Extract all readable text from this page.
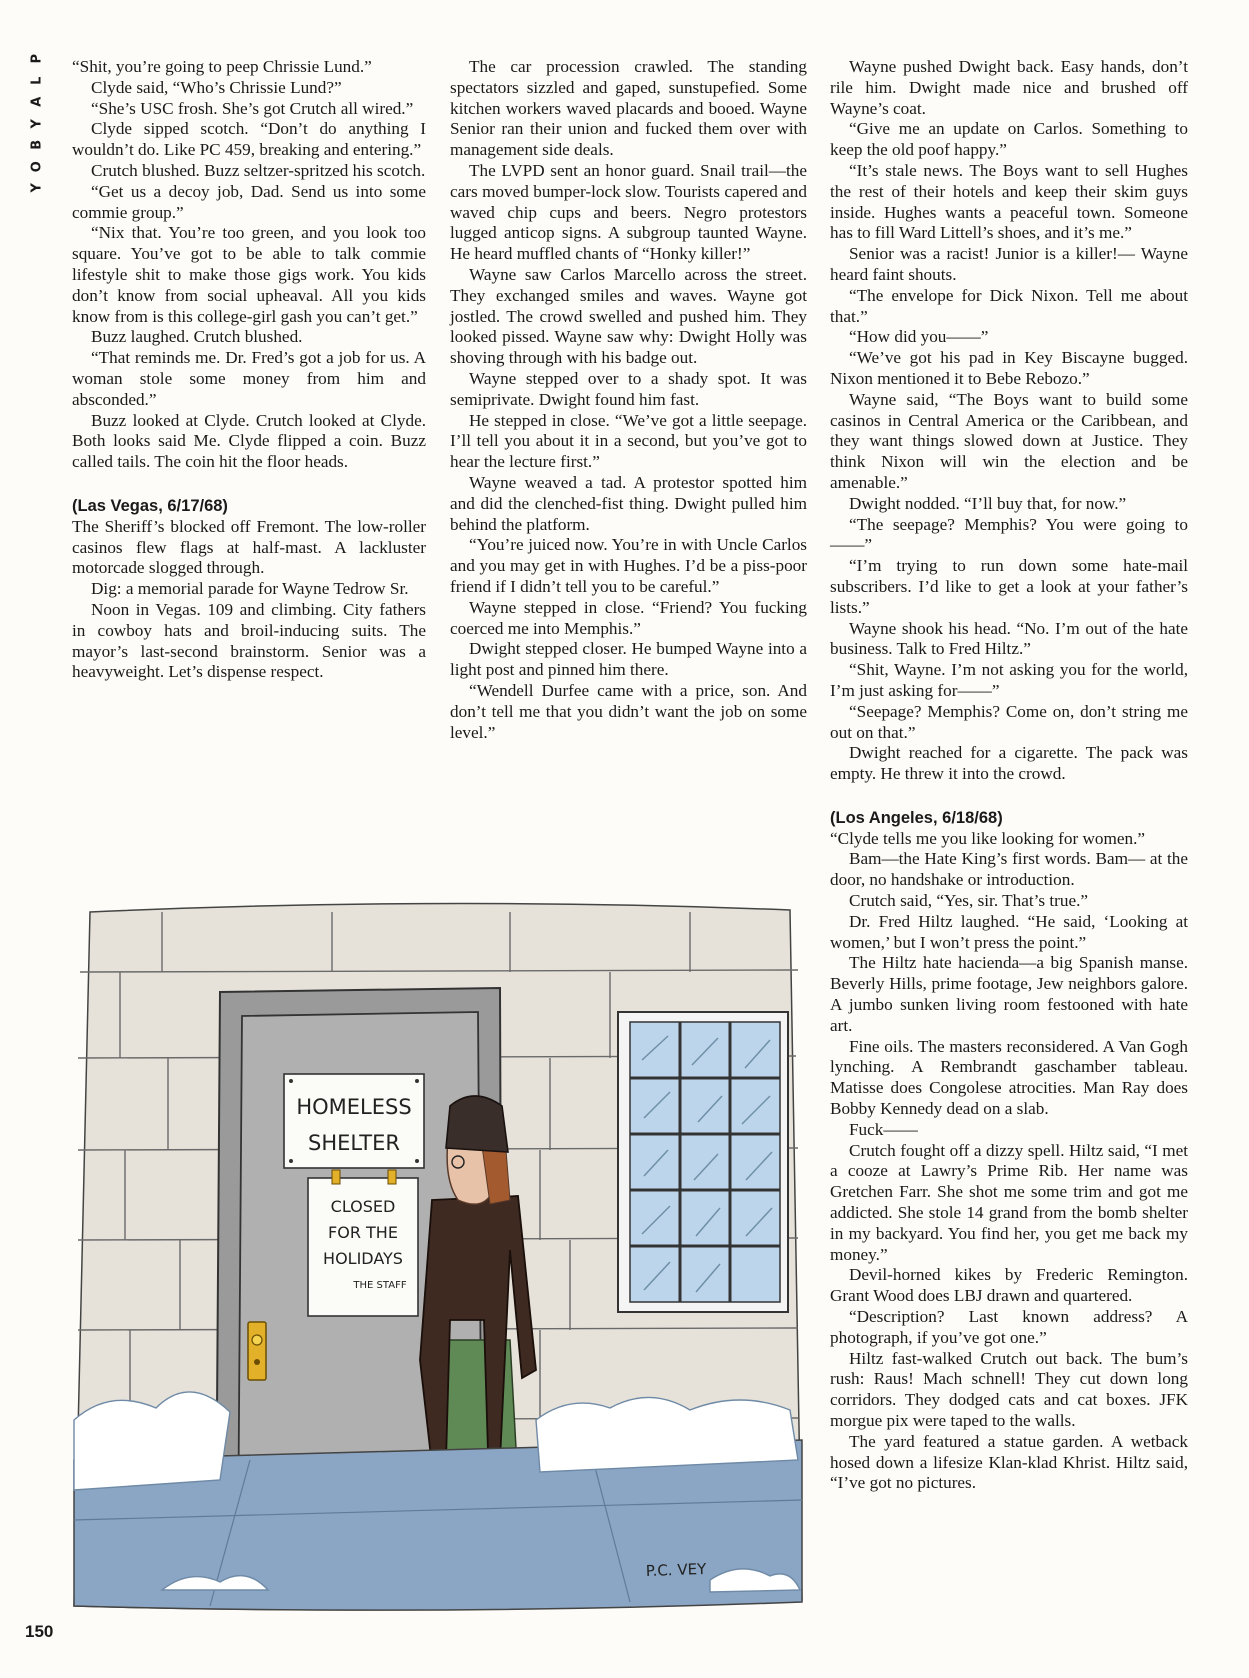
P
L
A
Y
B
O
Y

“Shit, you’re going to peep Chrissie Lund.”

Clyde said, “Who’s Chrissie Lund?”

“She’s USC frosh. She’s got Crutch all wired.”

Clyde sipped scotch. “Don’t do anything I wouldn’t do. Like PC 459, breaking and entering.”

Crutch blushed. Buzz seltzer-spritzed his scotch.

“Get us a decoy job, Dad. Send us into some commie group.”

“Nix that. You’re too green, and you look too square. You’ve got to be able to talk commie lifestyle shit to make those gigs work. You kids don’t know from social upheaval. All you kids know from is this college-girl gash you can’t get.”

Buzz laughed. Crutch blushed.

“That reminds me. Dr. Fred’s got a job for us. A woman stole some money from him and absconded.”

Buzz looked at Clyde. Crutch looked at Clyde. Both looks said Me. Clyde flipped a coin. Buzz called tails. The coin hit the floor heads.

(Las Vegas, 6/17/68)

The Sheriff’s blocked off Fremont. The low-roller casinos flew flags at half-mast. A lackluster motorcade slogged through.

Dig: a memorial parade for Wayne Tedrow Sr.

Noon in Vegas. 109 and climbing. City fathers in cowboy hats and broil-inducing suits. The mayor’s last-second brainstorm. Senior was a heavyweight. Let’s dispense respect.

The car procession crawled. The standing spectators sizzled and gaped, sunstupefied. Some kitchen workers waved placards and booed. Wayne Senior ran their union and fucked them over with management side deals.

The LVPD sent an honor guard. Snail trail—the cars moved bumper-lock slow. Tourists capered and waved chip cups and beers. Negro protestors lugged anticop signs. A subgroup taunted Wayne. He heard muffled chants of “Honky killer!”

Wayne saw Carlos Marcello across the street. They exchanged smiles and waves. Wayne got jostled. The crowd swelled and pushed him. They looked pissed. Wayne saw why: Dwight Holly was shoving through with his badge out.

Wayne stepped over to a shady spot. It was semiprivate. Dwight found him fast.

He stepped in close. “We’ve got a little seepage. I’ll tell you about it in a second, but you’ve got to hear the lecture first.”

Wayne weaved a tad. A protestor spotted him and did the clenched-fist thing. Dwight pulled him behind the platform.

“You’re juiced now. You’re in with Uncle Carlos and you may get in with Hughes. I’d be a piss-poor friend if I didn’t tell you to be careful.”

Wayne stepped in close. “Friend? You fucking coerced me into Memphis.”

Dwight stepped closer. He bumped Wayne into a light post and pinned him there.

“Wendell Durfee came with a price, son. And don’t tell me that you didn’t want the job on some level.”

Wayne pushed Dwight back. Easy hands, don’t rile him. Dwight made nice and brushed off Wayne’s coat.

“Give me an update on Carlos. Something to keep the old poof happy.”

“It’s stale news. The Boys want to sell Hughes the rest of their hotels and keep their skim guys inside. Hughes wants a peaceful town. Someone has to fill Ward Littell’s shoes, and it’s me.”

Senior was a racist! Junior is a killer!— Wayne heard faint shouts.

“The envelope for Dick Nixon. Tell me about that.”

“How did you——”

“We’ve got his pad in Key Biscayne bugged. Nixon mentioned it to Bebe Rebozo.”

Wayne said, “The Boys want to build some casinos in Central America or the Caribbean, and they want things slowed down at Justice. They think Nixon will win the election and be amenable.”

Dwight nodded. “I’ll buy that, for now.”

“The seepage? Memphis? You were going to——”

“I’m trying to run down some hate-mail subscribers. I’d like to get a look at your father’s lists.”

Wayne shook his head. “No. I’m out of the hate business. Talk to Fred Hiltz.”

“Shit, Wayne. I’m not asking you for the world, I’m just asking for——”

“Seepage? Memphis? Come on, don’t string me out on that.”

Dwight reached for a cigarette. The pack was empty. He threw it into the crowd.

(Los Angeles, 6/18/68)

“Clyde tells me you like looking for women.”

Bam—the Hate King’s first words. Bam— at the door, no handshake or introduction.

Crutch said, “Yes, sir. That’s true.”

Dr. Fred Hiltz laughed. “He said, ‘Looking at women,’ but I won’t press the point.”

The Hiltz hate hacienda—a big Spanish manse. Beverly Hills, prime footage, Jew neighbors galore. A jumbo sunken living room festooned with hate art.

Fine oils. The masters reconsidered. A Van Gogh lynching. A Rembrandt gaschamber tableau. Matisse does Congolese atrocities. Man Ray does Bobby Kennedy dead on a slab.

Fuck——

Crutch fought off a dizzy spell. Hiltz said, “I met a cooze at Lawry’s Prime Rib. Her name was Gretchen Farr. She shot me some trim and got me addicted. She stole 14 grand from the bomb shelter in my backyard. You find her, you get me back my money.”

Devil-horned kikes by Frederic Remington. Grant Wood does LBJ drawn and quartered.

“Description? Last known address? A photograph, if you’ve got one.”

Hiltz fast-walked Crutch out back. The bum’s rush: Raus! Mach schnell! They cut down long corridors. They dodged cats and cat boxes. JFK morgue pix were taped to the walls.

The yard featured a statue garden. A wetback hosed down a lifesize Klan-klad Khrist. Hiltz said, “I’ve got no pictures.

HOMELESS
SHELTER
CLOSED
FOR THE
HOLIDAYS
THE STAFF
P.C. VEY
150
